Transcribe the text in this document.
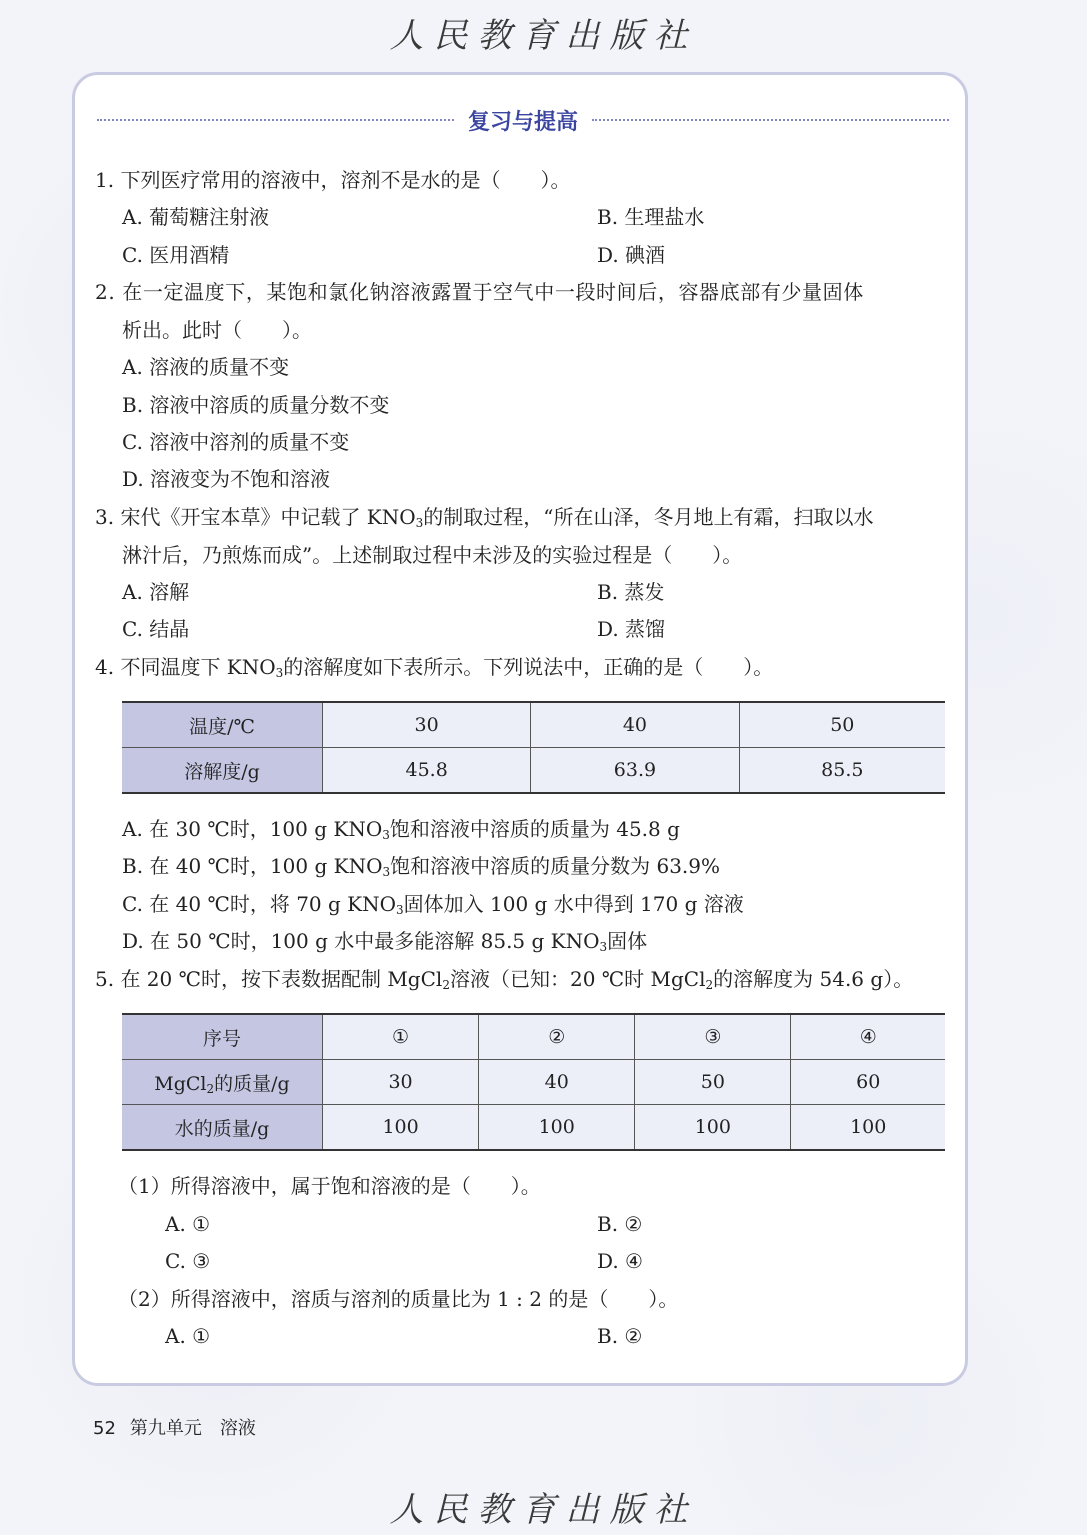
人民教育出版社
复习与提高
1. 下列医疗常用的溶液中，溶剂不是水的是（　　）。
A. 葡萄糖注射液	B. 生理盐水
C. 医用酒精	D. 碘酒
2. 在一定温度下，某饱和氯化钠溶液露置于空气中一段时间后，容器底部有少量固体
析出。此时（　　）。
A. 溶液的质量不变
B. 溶液中溶质的质量分数不变
C. 溶液中溶剂的质量不变
D. 溶液变为不饱和溶液
3. 宋代《开宝本草》中记载了 $KNO_3$的制取过程，“所在山泽，冬月地上有霜，扫取以水
淋汁后，乃煎炼而成”。上述制取过程中未涉及的实验过程是（　　）。
A. 溶解	B. 蒸发
C. 结晶	D. 蒸馏
4. 不同温度下 $KNO_3$的溶解度如下表所示。下列说法中，正确的是（　　）。
温度/℃	30	40	50
溶解度/g	45.8	63.9	85.5
A. 在 30 ℃时，100 g $KNO_3$饱和溶液中溶质的质量为 45.8 g
B. 在 40 ℃时，100 g $KNO_3$饱和溶液中溶质的质量分数为 63.9%
C. 在 40 ℃时，将 70 g $KNO_3$固体加入 100 g 水中得到 170 g 溶液
D. 在 50 ℃时，100 g 水中最多能溶解 85.5 g $KNO_3$固体
5. 在 20 ℃时，按下表数据配制 MgCl$_2$溶液（已知：20 ℃时 MgCl$_2$的溶解度为 54.6 g）。
序号	①	②	③	④
MgCl$_2$的质量/g	30	40	50	60
水的质量/g	100	100	100	100
（1）所得溶液中，属于饱和溶液的是（　　）。
A. ①	B. ②
C. ③	D. ④
（2）所得溶液中，溶质与溶剂的质量比为 1 : 2 的是（　　）。
A. ①	B. ②
52 第九单元　溶液
人民教育出版社
